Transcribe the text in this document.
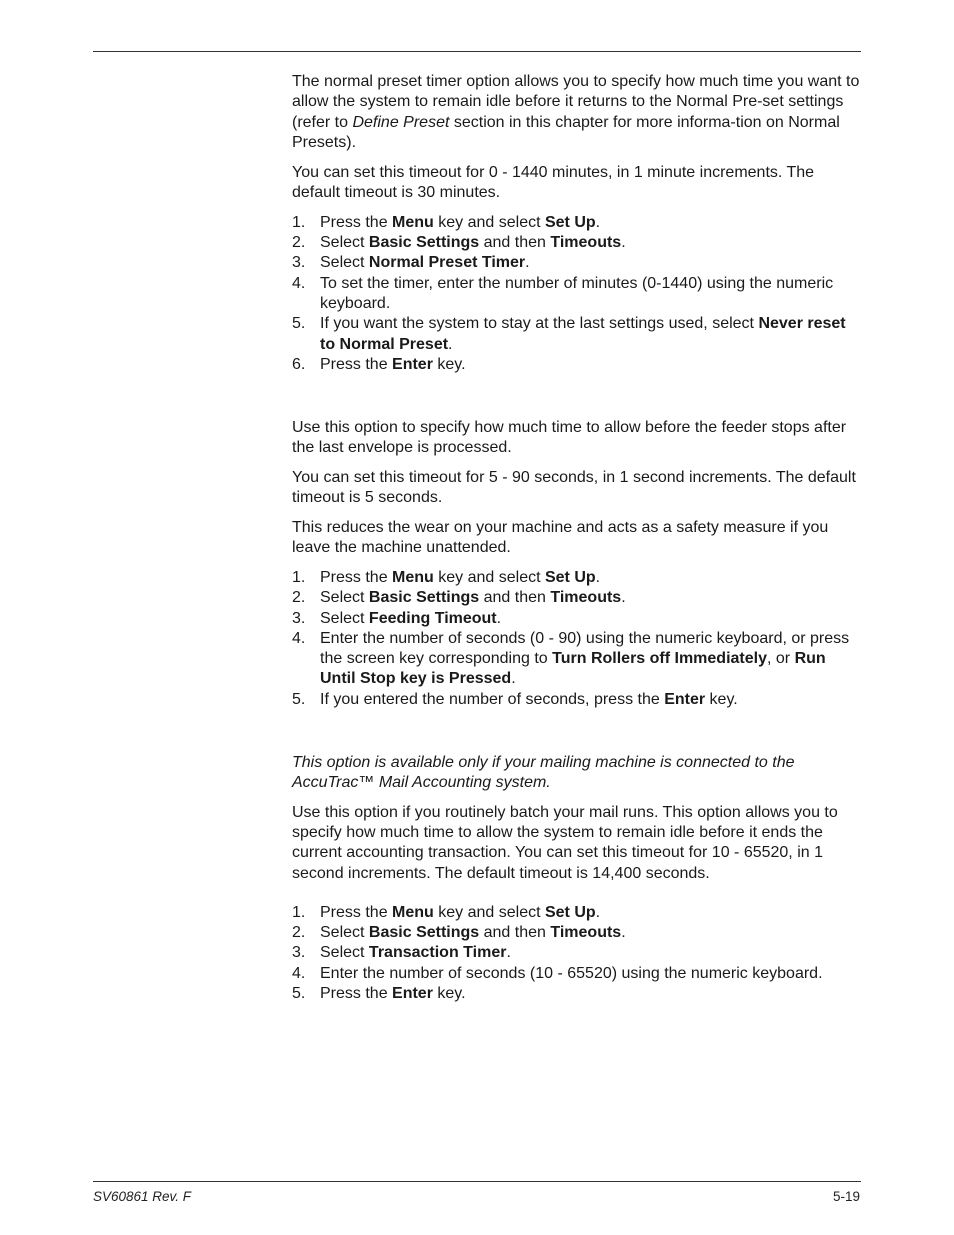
The normal preset timer option allows you to specify how much time you want to allow the system to remain idle before it returns to the Normal Pre-set settings (refer to Define Preset section in this chapter for more informa-tion on Normal Presets).

You can set this timeout for 0 - 1440 minutes, in 1 minute increments. The default timeout is 30 minutes.

1. Press the Menu key and select Set Up.
2. Select Basic Settings and then Timeouts.
3. Select Normal Preset Timer.
4. To set the timer, enter the number of minutes (0-1440) using the numeric keyboard.
5. If you want the system to stay at the last settings used, select Never reset to Normal Preset.
6. Press the Enter key.

Use this option to specify how much time to allow before the feeder stops after the last envelope is processed.

You can set this timeout for 5 - 90 seconds, in 1 second increments. The default timeout is 5 seconds.

This reduces the wear on your machine and acts as a safety measure if you leave the machine unattended.

1. Press the Menu key and select Set Up.
2. Select Basic Settings and then Timeouts.
3. Select Feeding Timeout.
4. Enter the number of seconds (0 - 90) using the numeric keyboard, or press the screen key corresponding to Turn Rollers off Immediately, or Run Until Stop key is Pressed.
5. If you entered the number of seconds, press the Enter key.

This option is available only if your mailing machine is connected to the AccuTrac™ Mail Accounting system.

Use this option if you routinely batch your mail runs. This option allows you to specify how much time to allow the system to remain idle before it ends the current accounting transaction. You can set this timeout for 10 - 65520, in 1 second increments. The default timeout is 14,400 seconds.

1. Press the Menu key and select Set Up.
2. Select Basic Settings and then Timeouts.
3. Select Transaction Timer.
4. Enter the number of seconds (10 - 65520) using the numeric keyboard.
5. Press the Enter key.
SV60861 Rev. F	5-19
